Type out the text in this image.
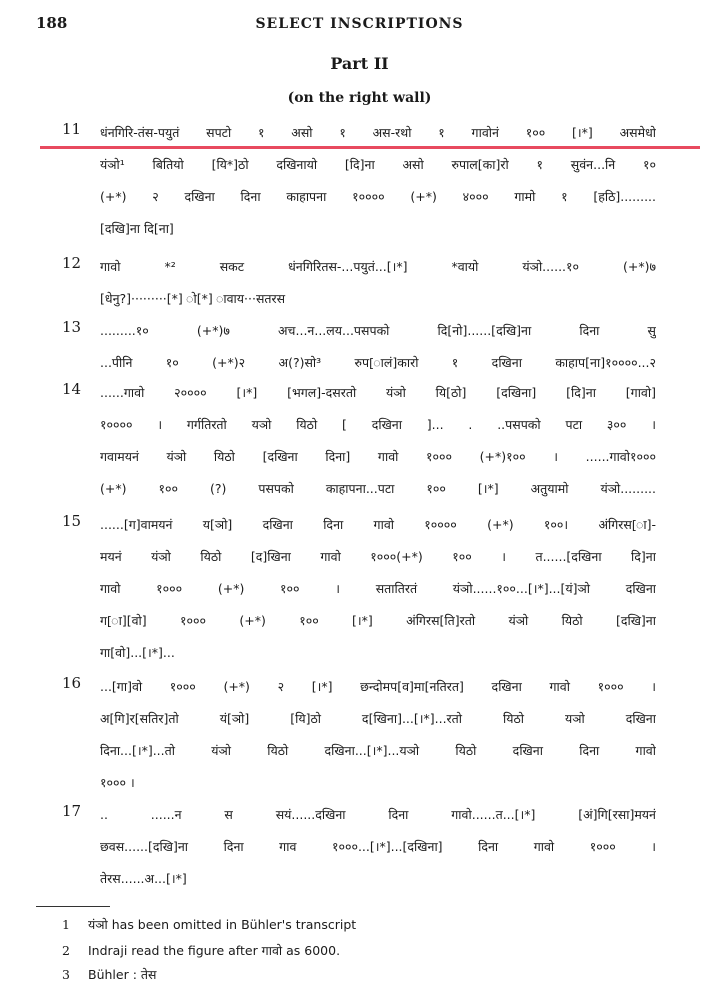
188	SELECT INSCRIPTIONS
Part II
(on the right wall)
11 धंनगिरि-तंस-पयुतं सपटो १ असो १ अस-रथो १ गावोनं १०० [।*] असमेधो
यंञो¹ बितियो [यि*]ठो दखिनायो [दि]ना असो रुपाल[का]रो १ सुवंन...नि १०
(+*) २ दखिना दिना काहापना १०००० (+*) ४००० गामो १ [हठि].........
[दखि]ना दि[ना]
12 गावो *² सकट धंनगिरितस-...पयुतं...[।*] *वायो यंञो......१० (+*)७
[धेनु?]·········[*] ो[*] ावाय···सतरस
13 .........१० (+*)७ अच...न...लय...पसपको दि[नो]......[दखि]ना दिना सु
...पीनि १० (+*)२ अ(?)सो³ रुप[ालं]कारो १ दखिना काहाप[ना]१००००...२
14 ......गावो २०००० [।*] [भगल]-दसरतो यंञो यि[ठो] [दखिना] [दि]ना [गावो]
१०००० । गर्गतिरतो यञो यिठो [ दखिना ]... . ..पसपको पटा ३०० ।
गवामयनं यंञो यिठो [दखिना दिना] गावो १००० (+*)१०० । ......गावो१०००
(+*) १०० (?) पसपको काहापना...पटा १०० [।*] अतुयामो यंञो.........
15 ......[ग]वामयनं य[ञो] दखिना दिना गावो १०००० (+*) १००। अंगिरस[ा]-
मयनं यंञो यिठो [द]खिना गावो १०००(+*) १०० । त......[दखिना दि]ना
गावो १००० (+*) १०० । सतातिरतं यंञो......१००...[।*]...[यं]ञो दखिना
ग[ा][वो] १००० (+*) १०० [।*] अंगिरस[ति]रतो यंञो यिठो [दखि]ना
गा[वो]...[।*]...
16 ...[गा]वो १००० (+*) २ [।*] छन्दोमप[व]मा[नतिरत] दखिना गावो १००० ।
अ[गि]र[सतिर]तो यं[ञो] [यि]ठो द[खिना]...[।*]...रतो यिठो यञो दखिना
दिना...[।*]...तो यंञो यिठो दखिना...[।*]...यञो यिठो दखिना दिना गावो
१००० ।
17 .. ......न स सयं......दखिना दिना गावो......त...[।*] [अं]गि[रसा]मयनं
छवस......[दखि]ना दिना गाव १०००...[।*]...[दखिना] दिना गावो १००० ।
तेरस......अ...[।*]
1 यंञो has been omitted in Bühler's transcript
2 Indraji read the figure after गावो as 6000.
3 Bühler : तेस
